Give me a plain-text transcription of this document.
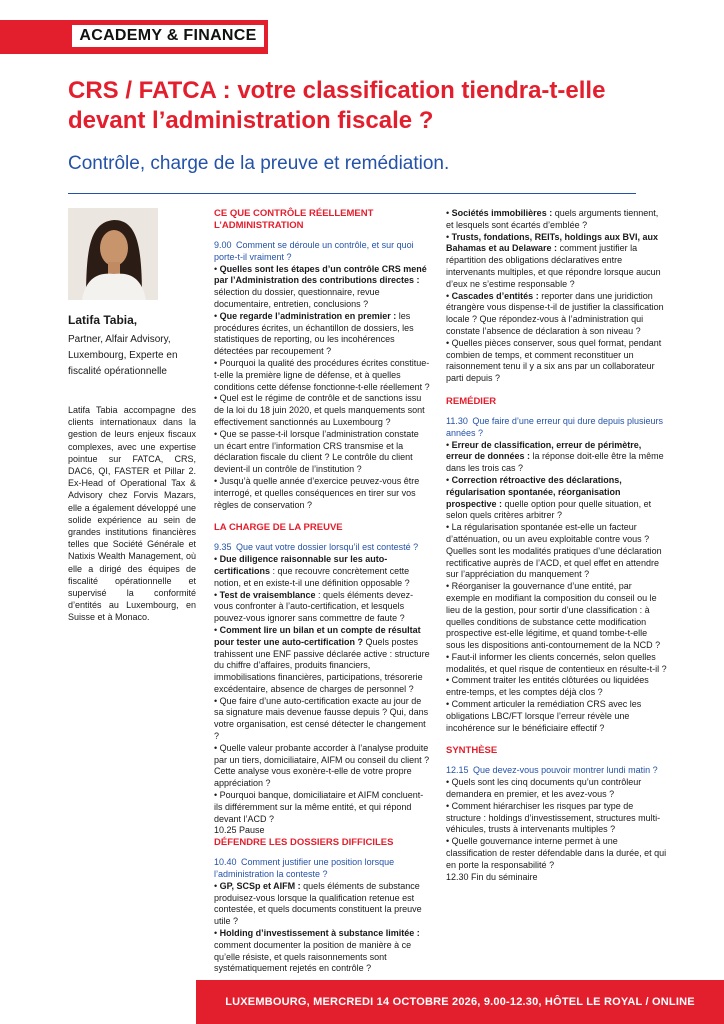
ACADEMY & FINANCE
CRS / FATCA : votre classification tiendra-t-elle devant l’administration fiscale ?
Contrôle, charge de la preuve et remédiation.
Latifa Tabia,
Partner, Alfair Advisory, Luxembourg, Experte en fiscalité opérationnelle
Latifa Tabia accompagne des clients internationaux dans la gestion de leurs enjeux fiscaux complexes, avec une expertise pointue sur FATCA, CRS, DAC6, QI, FASTER et Pillar 2. Ex-Head of Operational Tax & Advisory chez Forvis Mazars, elle a également développé une solide expérience au sein de grandes institutions financières telles que Société Générale et Natixis Wealth Management, où elle a dirigé des équipes de fiscalité opérationnelle et supervisé la conformité d’entités au Luxembourg, en Suisse et à Monaco.
CE QUE CONTRÔLE RÉELLEMENT L’ADMINISTRATION

9.00 Comment se déroule un contrôle, et sur quoi porte-t-il vraiment ?

• Quelles sont les étapes d’un contrôle CRS mené par l’Administration des contributions directes : sélection du dossier, questionnaire, revue documentaire, entretien, conclusions ?

• Que regarde l’administration en premier : les procédures écrites, un échantillon de dossiers, les statistiques de reporting, ou les incohérences détectées par recoupement ?

• Pourquoi la qualité des procédures écrites constitue-t-elle la première ligne de défense, et à quelles conditions cette défense fonctionne-t-elle réellement ?

• Quel est le régime de contrôle et de sanctions issu de la loi du 18 juin 2020, et quels manquements sont effectivement sanctionnés au Luxembourg ?

• Que se passe-t-il lorsque l’administration constate un écart entre l’information CRS transmise et la déclaration fiscale du client ? Le contrôle du client devient-il un contrôle de l’institution ?

• Jusqu’à quelle année d’exercice peuvez-vous être interrogé, et quelles conséquences en tirer sur vos règles de conservation ?

LA CHARGE DE LA PREUVE

9.35 Que vaut votre dossier lorsqu’il est contesté ?

• Due diligence raisonnable sur les auto-certifications : que recouvre concrètement cette notion, et en existe-t-il une définition opposable ?

• Test de vraisemblance : quels éléments devez-vous confronter à l’auto-certification, et lesquels pouvez-vous ignorer sans commettre de faute ?

• Comment lire un bilan et un compte de résultat pour tester une auto-certification ? Quels postes trahissent une ENF passive déclarée active : structure du chiffre d’affaires, produits financiers, immobilisations financières, participations, trésorerie excédentaire, absence de charges de personnel ?

• Que faire d’une auto-certification exacte au jour de sa signature mais devenue fausse depuis ? Qui, dans votre organisation, est censé détecter le changement ?

• Quelle valeur probante accorder à l’analyse produite par un tiers, domiciliataire, AIFM ou conseil du client ? Cette analyse vous exonère-t-elle de votre propre appréciation ?

• Pourquoi banque, domiciliataire et AIFM concluent-ils différemment sur la même entité, et qui répond devant l’ACD ?

10.25 Pause

DÉFENDRE LES DOSSIERS DIFFICILES

10.40 Comment justifier une position lorsque l’administration la conteste ?

• GP, SCSp et AIFM : quels éléments de substance produisez-vous lorsque la qualification retenue est contestée, et quels documents constituent la preuve utile ?

• Holding d’investissement à substance limitée : comment documenter la position de manière à ce qu’elle résiste, et quels raisonnements sont systématiquement rejetés en contrôle ?

• Sociétés immobilières : quels arguments tiennent, et lesquels sont écartés d’emblée ?

• Trusts, fondations, REITs, holdings aux BVI, aux Bahamas et au Delaware : comment justifier la répartition des obligations déclaratives entre intervenants multiples, et que répondre lorsque aucun d’eux ne s’estime responsable ?

• Cascades d’entités : reporter dans une juridiction étrangère vous dispense-t-il de justifier la classification locale ? Que répondez-vous à l’administration qui constate l’absence de déclaration à son niveau ?

• Quelles pièces conserver, sous quel format, pendant combien de temps, et comment reconstituer un raisonnement tenu il y a six ans par un collaborateur parti depuis ?

REMÉDIER

11.30 Que faire d’une erreur qui dure depuis plusieurs années ?

• Erreur de classification, erreur de périmètre, erreur de données : la réponse doit-elle être la même dans les trois cas ?

• Correction rétroactive des déclarations, régularisation spontanée, réorganisation prospective : quelle option pour quelle situation, et selon quels critères arbitrer ?

• La régularisation spontanée est-elle un facteur d’atténuation, ou un aveu exploitable contre vous ? Quelles sont les modalités pratiques d’une déclaration rectificative auprès de l’ACD, et quel effet en attendre sur l’appréciation du manquement ?

• Réorganiser la gouvernance d’une entité, par exemple en modifiant la composition du conseil ou le lieu de la gestion, pour sortir d’une classification : à quelles conditions de substance cette modification prospective est-elle légitime, et quand tombe-t-elle sous les dispositions anti-contournement de la NCD ?

• Faut-il informer les clients concernés, selon quelles modalités, et quel risque de contentieux en résulte-t-il ?

• Comment traiter les entités clôturées ou liquidées entre-temps, et les comptes déjà clos ?

• Comment articuler la remédiation CRS avec les obligations LBC/FT lorsque l’erreur révèle une incohérence sur le bénéficiaire effectif ?

SYNTHÈSE

12.15 Que devez-vous pouvoir montrer lundi matin ?

• Quels sont les cinq documents qu’un contrôleur demandera en premier, et les avez-vous ?

• Comment hiérarchiser les risques par type de structure : holdings d’investissement, structures multi-véhicules, trusts à intervenants multiples ?

• Quelle gouvernance interne permet à une classification de rester défendable dans la durée, et qui en porte la responsabilité ?

12.30 Fin du séminaire

LUXEMBOURG, MERCREDI 14 OCTOBRE 2026, 9.00-12.30, HÔTEL LE ROYAL / ONLINE
